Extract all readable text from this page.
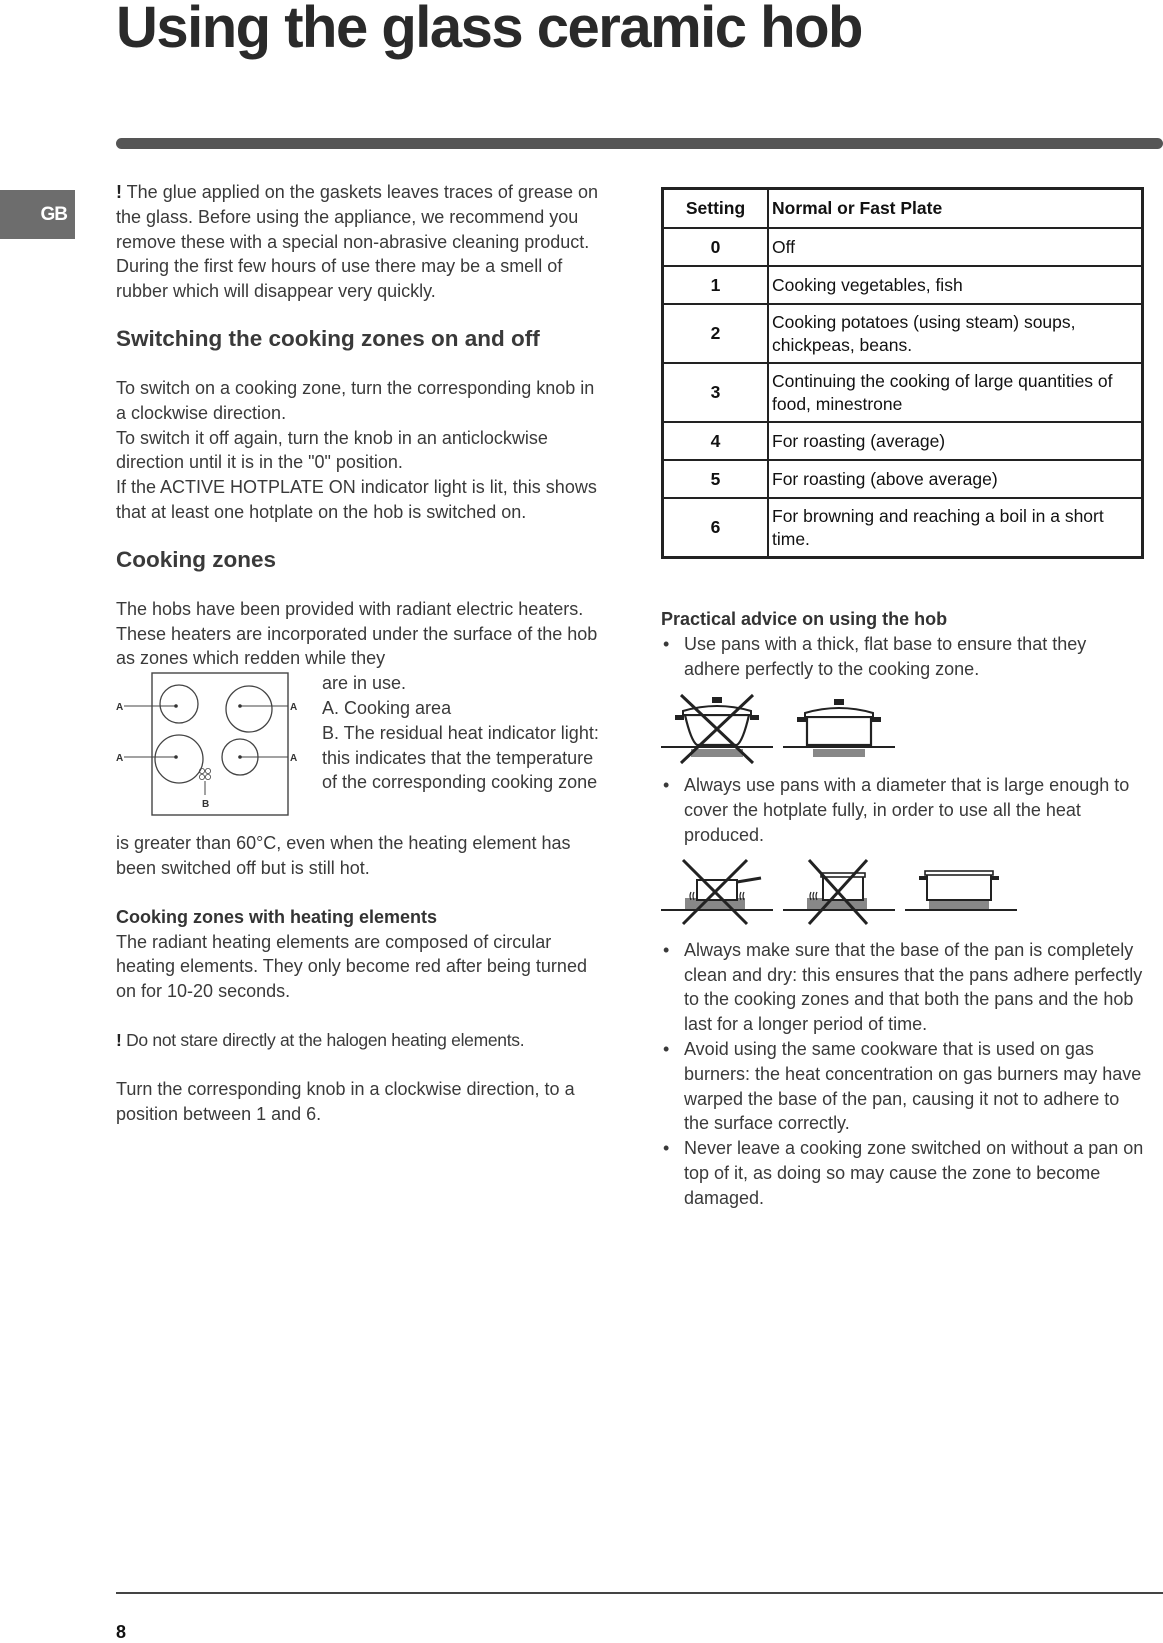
Using the glass ceramic hob
GB

! The glue applied on the gaskets leaves traces of grease on the glass. Before using the appliance, we recommend you remove these with a special non-abrasive cleaning product. During the first few hours of use there may be a smell of rubber which will disappear very quickly.

Switching the cooking zones on and off

To switch on a cooking zone, turn the corresponding knob in a clockwise direction.

To switch it off again, turn the knob in an anticlockwise direction until it is in the "0" position.

If the ACTIVE HOTPLATE ON indicator light is lit, this shows that at least one hotplate on the hob is switched on.

Cooking zones

The hobs have been provided with radiant electric heaters. These heaters are incorporated under the surface of the hob as zones which redden while they

A	A
A	A
B

are in use.

A. Cooking area

B. The residual heat indicator light: this indicates that the temperature of the corresponding cooking zone

is greater than 60°C, even when the heating element has been switched off but is still hot.

Cooking zones with heating elements

The radiant heating elements are composed of circular heating elements. They only become red after being turned on for 10-20 seconds.

! Do not stare directly at the halogen heating elements.

Turn the corresponding knob in a clockwise direction, to a position between 1 and 6.

Setting	Normal or Fast Plate
0	Off
1	Cooking vegetables, fish
2	Cooking potatoes (using steam) soups, chickpeas, beans.
3	Continuing the cooking of large quantities of food, minestrone
4	For roasting (average)
5	For roasting (above average)
6	For browning and reaching a boil in a short time.

Practical advice on using the hob

• Use pans with a thick, flat base to ensure that they adhere perfectly to the cooking zone.
• Always use pans with a diameter that is large enough to cover the hotplate fully, in order to use all the heat produced.
• Always make sure that the base of the pan is completely clean and dry: this ensures that the pans adhere perfectly to the cooking zones and that both the pans and the hob last for a longer period of time.
• Avoid using the same cookware that is used on gas burners: the heat concentration on gas burners may have warped the base of the pan, causing it not to adhere to the surface correctly.
• Never leave a cooking zone switched on without a pan on top of it, as doing so may cause the zone to become damaged.
8
